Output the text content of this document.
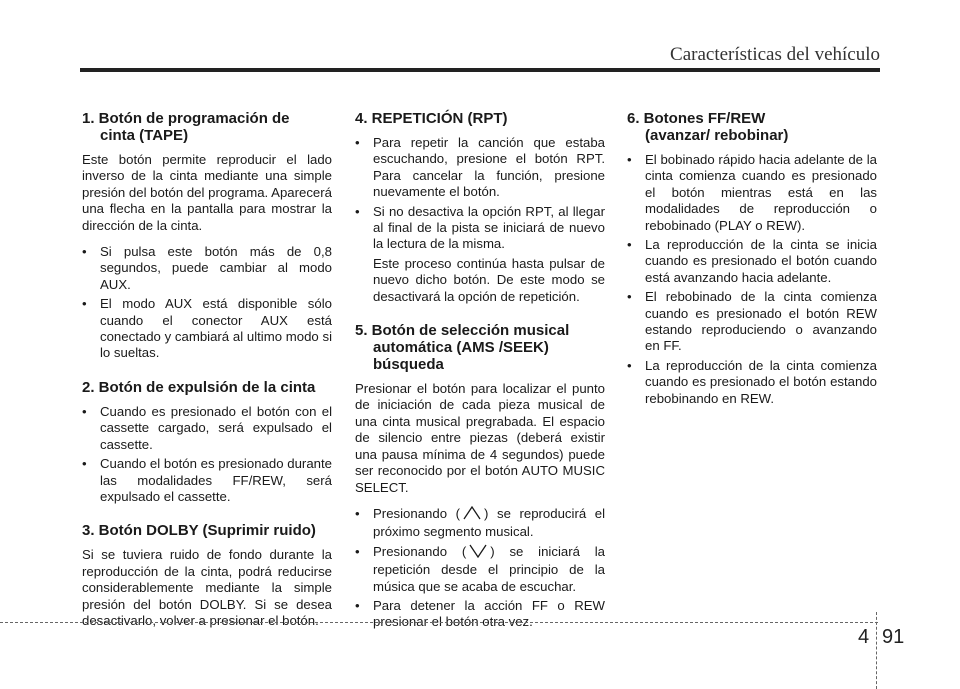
Características del vehículo
1. Botón de programación de
cinta (TAPE)

Este botón permite reproducir el lado inverso de la cinta mediante una simple presión del botón del programa. Aparecerá una flecha en la pantalla para mostrar la dirección de la cinta.

• Si pulsa este botón más de 0,8 segundos, puede cambiar al modo AUX.
• El modo AUX está disponible sólo cuando el conector AUX está conectado y cambiará al ultimo modo si lo sueltas.
2. Botón de expulsión de la cinta
• Cuando es presionado el botón con el cassette cargado, será expulsado el cassette.
• Cuando el botón es presionado durante las modalidades FF/REW, será expulsado el cassette.
3. Botón DOLBY (Suprimir ruido)

Si se tuviera ruido de fondo durante la reproducción de la cinta, podrá reducirse considerablemente mediante la simple presión del botón DOLBY. Si se desea desactivarlo, volver a presionar el botón.

4. REPETICIÓN (RPT)
• Para repetir la canción que estaba escuchando, presione el botón RPT. Para cancelar la función, presione nuevamente el botón.
• Si no desactiva la opción RPT, al llegar al final de la pista se iniciará de nuevo la lectura de la misma.
Este proceso continúa hasta pulsar de nuevo dicho botón. De este modo se desactivará la opción de repetición.
5. Botón de selección musical
automática (AMS /SEEK)
búsqueda

Presionar el botón para localizar el punto de iniciación de cada pieza musical de una cinta musical pregrabada. El espacio de silencio entre piezas (deberá existir una pausa mínima de 4 segundos) puede ser reconocido por el botón AUTO MUSIC SELECT.

• Presionando ( ) se reproducirá el próximo segmento musical.
• Presionando ( ) se iniciará la repetición desde el principio de la música que se acaba de escuchar.
• Para detener la acción FF o REW presionar el botón otra vez.
6. Botones FF/REW
(avanzar/ rebobinar)
• El bobinado rápido hacia adelante de la cinta comienza cuando es presionado el botón mientras está en las modalidades de reproducción o rebobinado (PLAY o REW).
• La reproducción de la cinta se inicia cuando es presionado el botón cuando está avanzando hacia adelante.
• El rebobinado de la cinta comienza cuando es presionado el botón REW estando reproduciendo o avanzando en FF.
• La reproducción de la cinta comienza cuando es presionado el botón estando rebobinando en REW.
4 91
